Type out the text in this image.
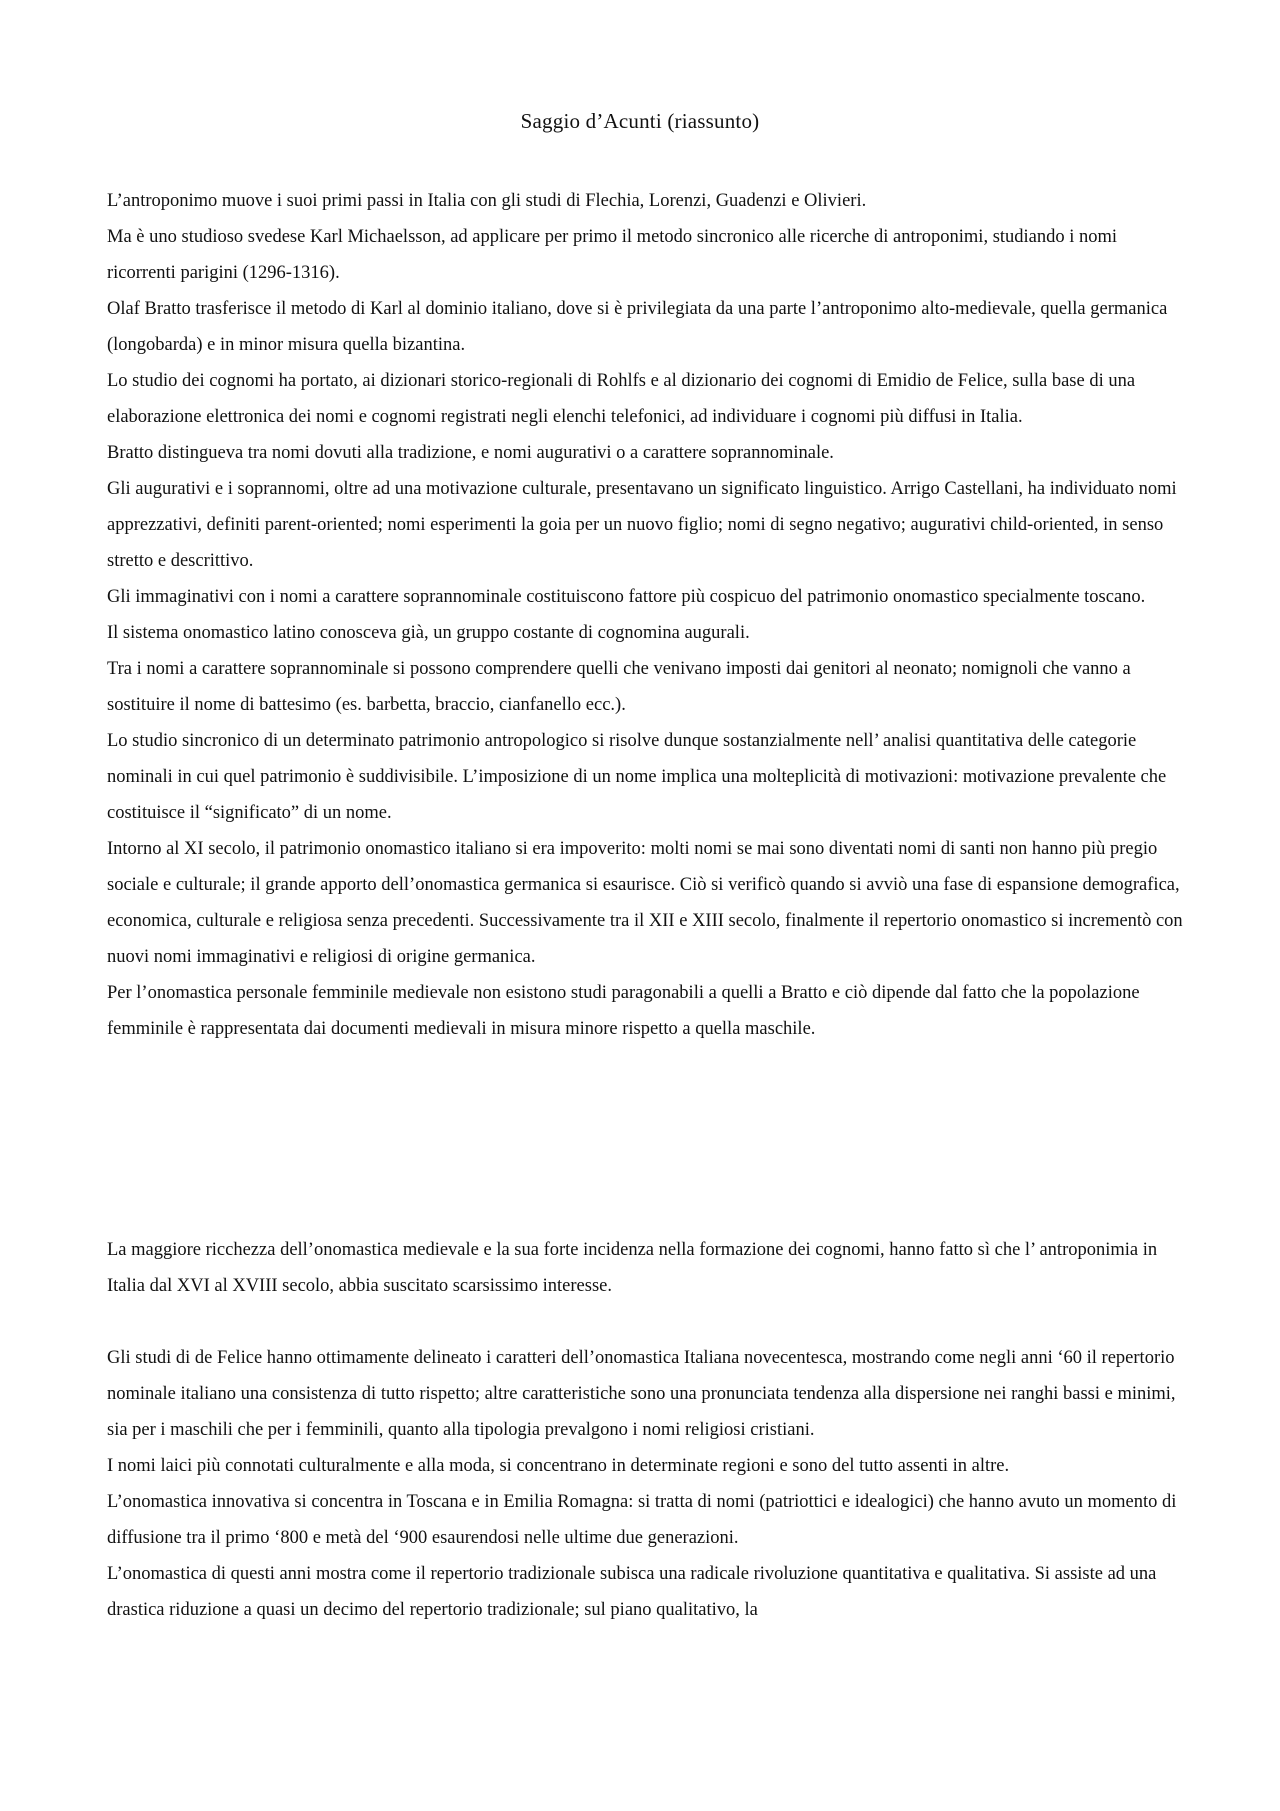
Saggio d’Acunti (riassunto)

L’antroponimo muove i suoi primi passi in Italia con gli studi di Flechia, Lorenzi, Guadenzi e Olivieri.

Ma è uno studioso svedese Karl Michaelsson, ad applicare per primo il metodo sincronico alle ricerche di antroponimi, studiando i nomi ricorrenti parigini (1296-1316).

Olaf Bratto trasferisce il metodo di Karl al dominio italiano, dove si è privilegiata da una parte l’antroponimo alto-medievale, quella germanica (longobarda) e in minor misura quella bizantina.

Lo studio dei cognomi ha portato, ai dizionari storico-regionali di Rohlfs e al dizionario dei cognomi di Emidio de Felice, sulla base di una elaborazione elettronica dei nomi e cognomi registrati negli elenchi telefonici, ad individuare i cognomi più diffusi in Italia.

Bratto distingueva tra nomi dovuti alla tradizione, e nomi augurativi o a carattere soprannominale.

Gli augurativi e i soprannomi, oltre ad una motivazione culturale, presentavano un significato linguistico. Arrigo Castellani, ha individuato nomi apprezzativi, definiti parent-oriented; nomi esperimenti la goia per un nuovo figlio; nomi di segno negativo; augurativi child-oriented, in senso stretto e descrittivo.

Gli immaginativi con i nomi a carattere soprannominale costituiscono fattore più cospicuo del patrimonio onomastico specialmente toscano.

Il sistema onomastico latino conosceva già, un gruppo costante di cognomina augurali.

Tra i nomi a carattere soprannominale si possono comprendere quelli che venivano imposti dai genitori al neonato; nomignoli che vanno a sostituire il nome di battesimo (es. barbetta, braccio, cianfanello ecc.).

Lo studio sincronico di un determinato patrimonio antropologico si risolve dunque sostanzialmente nell’ analisi quantitativa delle categorie nominali in cui quel patrimonio è suddivisibile. L’imposizione di un nome implica una molteplicità di motivazioni: motivazione prevalente che costituisce il “significato” di un nome.

Intorno al XI secolo, il patrimonio onomastico italiano si era impoverito: molti nomi se mai sono diventati nomi di santi non hanno più pregio sociale e culturale; il grande apporto dell’onomastica germanica si esaurisce. Ciò si verificò quando si avviò una fase di espansione demografica, economica, culturale e religiosa senza precedenti. Successivamente tra il XII e XIII secolo, finalmente il repertorio onomastico si incrementò con nuovi nomi immaginativi e religiosi di origine germanica.

Per l’onomastica personale femminile medievale non esistono studi paragonabili a quelli a Bratto e ciò dipende dal fatto che la popolazione femminile è rappresentata dai documenti medievali in misura minore rispetto a quella maschile.

La maggiore ricchezza dell’onomastica medievale e la sua forte incidenza nella formazione dei cognomi, hanno fatto sì che l’ antroponimia in Italia dal XVI al XVIII secolo, abbia suscitato scarsissimo interesse.

Gli studi di de Felice hanno ottimamente delineato i caratteri dell’onomastica Italiana novecentesca, mostrando come negli anni ‘60 il repertorio nominale italiano una consistenza di tutto rispetto; altre caratteristiche sono una pronunciata tendenza alla dispersione nei ranghi bassi e minimi, sia per i maschili che per i femminili, quanto alla tipologia prevalgono i nomi religiosi cristiani.

I nomi laici più connotati culturalmente e alla moda, si concentrano in determinate regioni e sono del tutto assenti in altre.

L’onomastica innovativa si concentra in Toscana e in Emilia Romagna: si tratta di nomi (patriottici e idealogici) che hanno avuto un momento di diffusione tra il primo ‘800 e metà del ‘900 esaurendosi nelle ultime due generazioni.

L’onomastica di questi anni mostra come il repertorio tradizionale subisca una radicale rivoluzione quantitativa e qualitativa. Si assiste ad una drastica riduzione a quasi un decimo del repertorio tradizionale; sul piano qualitativo, la
